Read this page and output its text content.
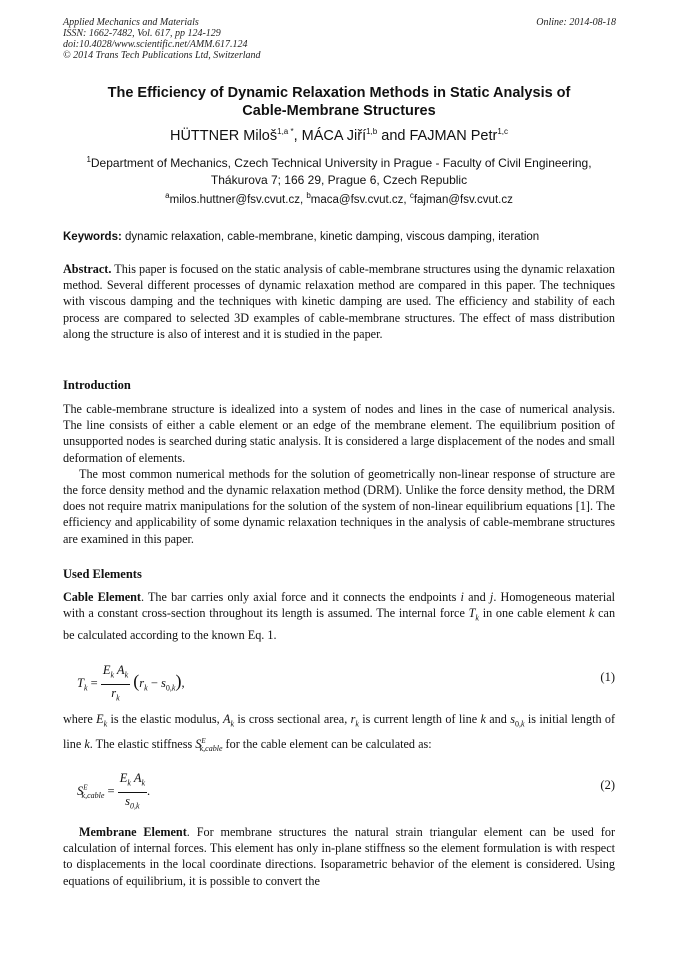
Applied Mechanics and Materials
ISSN: 1662-7482, Vol. 617, pp 124-129
doi:10.4028/www.scientific.net/AMM.617.124
© 2014 Trans Tech Publications Ltd, Switzerland
Online: 2014-08-18
The Efficiency of Dynamic Relaxation Methods in Static Analysis of
Cable-Membrane Structures
HÜTTNER Miloš$^{1,a *}$, MÁCA Jiří$^{1,b}$ and FAJMAN Petr$^{1,c}$
$^1$Department of Mechanics, Czech Technical University in Prague - Faculty of Civil Engineering,
Thákurova 7; 166 29, Prague 6, Czech Republic
$^a$milos.huttner@fsv.cvut.cz, $^b$maca@fsv.cvut.cz, $^c$fajman@fsv.cvut.cz
Keywords: dynamic relaxation, cable-membrane, kinetic damping, viscous damping, iteration

Abstract. This paper is focused on the static analysis of cable-membrane structures using the dynamic relaxation method. Several different processes of dynamic relaxation method are compared in this paper. The techniques with viscous damping and the techniques with kinetic damping are used. The efficiency and stability of each process are compared to selected 3D examples of cable-membrane structures. The effect of mass distribution along the structure is also of interest and it is studied in the paper.

Introduction

The cable-membrane structure is idealized into a system of nodes and lines in the case of numerical analysis. The line consists of either a cable element or an edge of the membrane element. The equilibrium position of unsupported nodes is searched during static analysis. It is considered a large displacement of the nodes and small deformation of elements.

The most common numerical methods for the solution of geometrically non-linear response of structure are the force density method and the dynamic relaxation method (DRM). Unlike the force density method, the DRM does not require matrix manipulations for the solution of the system of non-linear equilibrium equations [1]. The efficiency and applicability of some dynamic relaxation techniques in the analysis of cable-membrane structures are examined in this paper.

Used Elements

Cable Element. The bar carries only axial force and it connects the endpoints i and j. Homogeneous material with a constant cross-section throughout its length is assumed. The internal force $T_k$ in one cable element k can be calculated according to the known Eq. 1.

$T_k = \frac{E_k A_k}{r_k} (r_k - s_{0,k})$,	(1)

where $E_k$ is the elastic modulus, $A_k$ is cross sectional area, $r_k$ is current length of line k and $s_{0,k}$ is initial length of line k. The elastic stiffness $S^E_{k,cable}$ for the cable element can be calculated as:

$S^E_{k,cable} = \frac{E_k A_k}{s_{0,k}}$ .	(2)

Membrane Element. For membrane structures the natural strain triangular element can be used for calculation of internal forces. This element has only in-plane stiffness so the element formulation is with respect to displacements in the local coordinate directions. Isoparametric behavior of the element is considered. Using equations of equilibrium, it is possible to convert the
